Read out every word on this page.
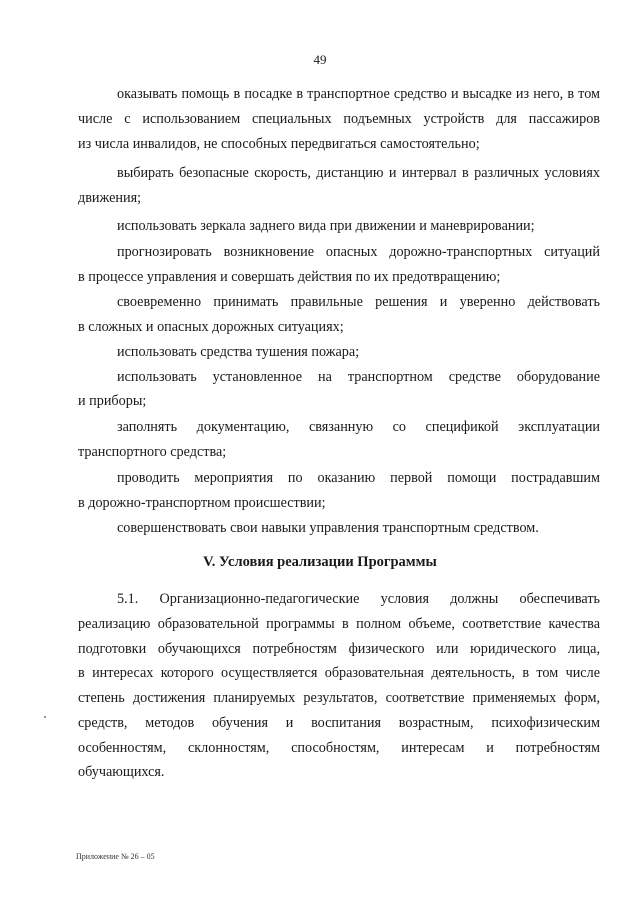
49
оказывать помощь в посадке в транспортное средство и высадке из него, в том
числе с использованием специальных подъемных устройств для пассажиров
из числа инвалидов, не способных передвигаться самостоятельно;
выбирать безопасные скорость, дистанцию и интервал в различных условиях
движения;
использовать зеркала заднего вида при движении и маневрировании;
прогнозировать возникновение опасных дорожно-транспортных ситуаций
в процессе управления и совершать действия по их предотвращению;
своевременно принимать правильные решения и уверенно действовать
в сложных и опасных дорожных ситуациях;
использовать средства тушения пожара;
использовать установленное на транспортном средстве оборудование
и приборы;
заполнять документацию, связанную со спецификой эксплуатации
транспортного средства;
проводить мероприятия по оказанию первой помощи пострадавшим
в дорожно-транспортном происшествии;
совершенствовать свои навыки управления транспортным средством.
V. Условия реализации Программы
5.1. Организационно-педагогические условия должны обеспечивать
реализацию образовательной программы в полном объеме, соответствие качества
подготовки обучающихся потребностям физического или юридического лица,
в интересах которого осуществляется образовательная деятельность, в том числе
степень достижения планируемых результатов, соответствие применяемых форм,
средств, методов обучения и воспитания возрастным, психофизическим
особенностям, склонностям, способностям, интересам и потребностям
обучающихся.
Приложение № 26 – 05
